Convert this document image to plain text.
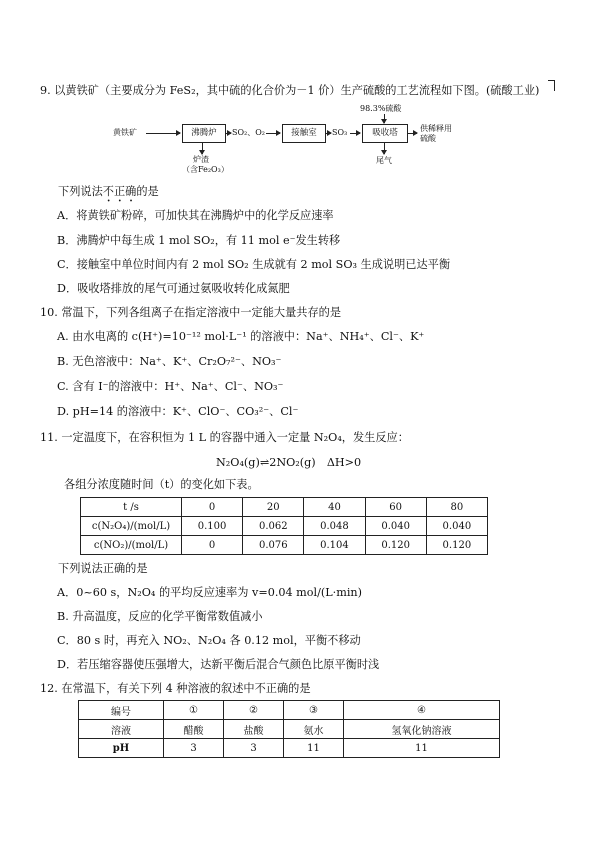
9. 以黄铁矿（主要成分为 FeS₂，其中硫的化合价为－1 价）生产硫酸的工艺流程如下图。(硫酸工业)
黄铁矿	沸腾炉	SO₂、O₂	接触室	SO₃	吸收塔
98.3%硫酸
供稀释用硫酸
尾气
炉渣
（含Fe₂O₃）
下列说法不正确的是
A．将黄铁矿粉碎，可加快其在沸腾炉中的化学反应速率
B．沸腾炉中每生成 1 mol SO₂，有 11 mol e⁻发生转移
C．接触室中单位时间内有 2 mol SO₂ 生成就有 2 mol SO₃ 生成说明已达平衡
D．吸收塔排放的尾气可通过氨吸收转化成氮肥
10. 常温下，下列各组离子在指定溶液中一定能大量共存的是
A. 由水电离的 c(H⁺)=10⁻¹² mol·L⁻¹ 的溶液中：Na⁺、NH₄⁺、Cl⁻、K⁺
B. 无色溶液中：Na⁺、K⁺、Cr₂O₇²⁻、NO₃⁻
C. 含有 I⁻的溶液中：H⁺、Na⁺、Cl⁻、NO₃⁻
D. pH=14 的溶液中：K⁺、ClO⁻、CO₃²⁻、Cl⁻
11. 一定温度下，在容积恒为 1 L 的容器中通入一定量 N₂O₄，发生反应：
N₂O₄(g)⇌2NO₂(g)　ΔH>0
各组分浓度随时间（t）的变化如下表。
t /s	0	20	40	60	80
c(N₂O₄)/(mol/L)	0.100	0.062	0.048	0.040	0.040
c(NO₂)/(mol/L)	0	0.076	0.104	0.120	0.120
下列说法正确的是
A．0~60 s，N₂O₄ 的平均反应速率为 v=0.04 mol/(L·min)
B. 升高温度，反应的化学平衡常数值减小
C．80 s 时，再充入 NO₂、N₂O₄ 各 0.12 mol，平衡不移动
D．若压缩容器使压强增大，达新平衡后混合气颜色比原平衡时浅
12. 在常温下，有关下列 4 种溶液的叙述中不正确的是
编号	①	②	③	④
溶液	醋酸	盐酸	氨水	氢氧化钠溶液
pH	3	3	11	11
